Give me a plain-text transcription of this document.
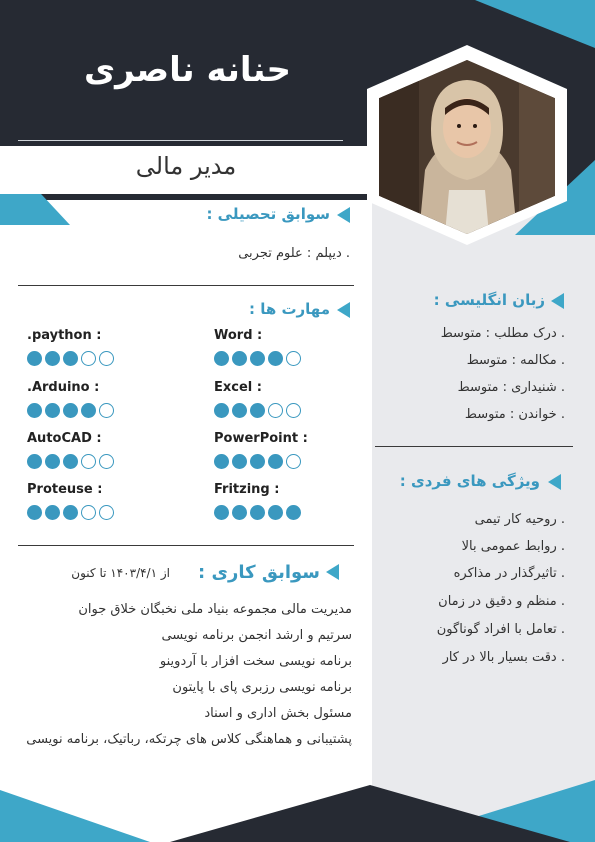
حنانه ناصری
مدیر مالی
سوابق تحصیلی :
. دیپلم : علوم تجربی
مهارت ها :
Word :
.paython :
Excel :
.Arduino :
PowerPoint :
AutoCAD :
Fritzing :
Proteuse :
سوابق کاری :
از ۱۴۰۳/۴/۱ تا کنون
مدیریت مالی مجموعه بنیاد ملی نخبگان خلاق جوان
سرتیم و ارشد انجمن برنامه نویسی
برنامه نویسی سخت افزار با آردوینو
برنامه نویسی رزبری پای با پایتون
مسئول بخش اداری و اسناد
پشتیبانی و هماهنگی کلاس های چرتکه، رباتیک، برنامه نویسی
زبان انگلیسی :
. درک مطلب : متوسط
. مکالمه : متوسط
. شنیداری : متوسط
. خواندن : متوسط
ویژگی های فردی :
. روحیه کار تیمی
. روابط عمومی بالا
. تاثیرگذار در مذاکره
. منظم و دقیق در زمان
. تعامل با افراد گوناگون
. دقت بسیار بالا در کار
